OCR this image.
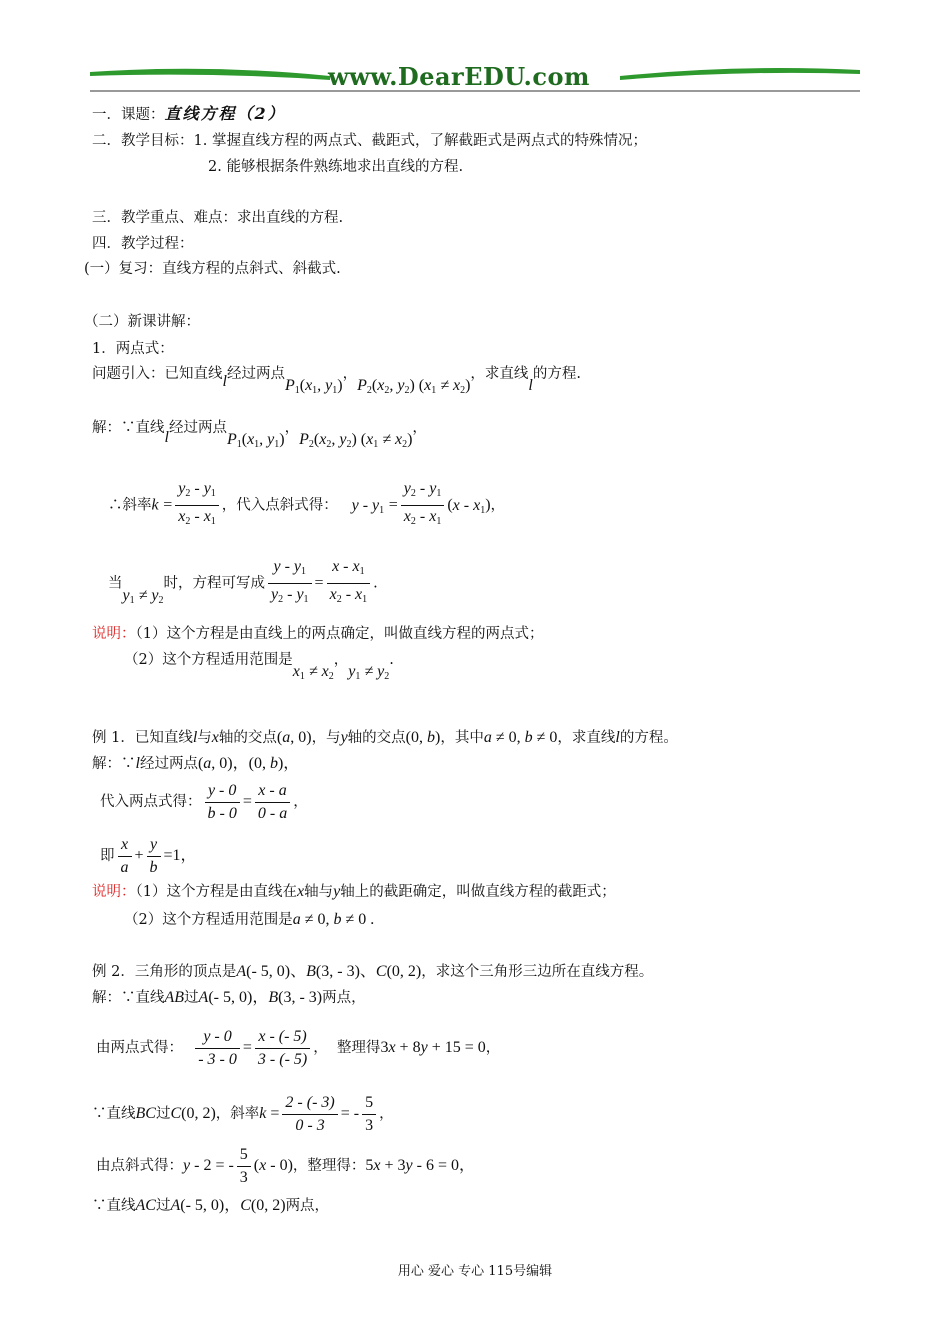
www.DearEDU.com
一．课题：直线方程（2）
二．教学目标：1. 掌握直线方程的两点式、截距式，了解截距式是两点式的特殊情况；
2. 能够根据条件熟练地求出直线的方程.
三．教学重点、难点：求出直线的方程.
四．教学过程：
(一）复习：直线方程的点斜式、斜截式.
（二）新课讲解：
1．两点式：
问题引入：已知直线l经过两点$P_1(x_1$, $y_1$)，$P_2(x_2$, $y_2$) $(x_1 \ne x_2)$，求直线l的方程.
解：∵直线l经过两点$P_1(x_1$, $y_1$)，$P_2(x_2$, $y_2$) $(x_1 \ne x_2)$，
∴斜率$k = \frac{y_2 - y_1}{x_2 - x_1}$ ，代入点斜式得： $y - y_1 = \frac{y_2 - y_1}{x_2 - x_1} (x - x_1)$，
当$y_1 \ne y_2$时，方程可写成 $\frac{y - y_1}{y_2 - y_1} = \frac{x - x_1}{x_2 - x_1}$ .
说明：（1）这个方程是由直线上的两点确定，叫做直线方程的两点式；
（2）这个方程适用范围是$x_1 \ne x_2$，$y_1 \ne y_2$.
例 1．已知直线l与x轴的交点(a, 0)，与y轴的交点(0, b)，其中a ≠ 0, b ≠ 0，求直线l的方程。
解：∵l经过两点(a, 0)，(0, b)，
代入两点式得： $\frac{y - 0}{b - 0} = \frac{x - a}{0 - a}$ ，
即 $\frac{x}{a} + \frac{y}{b} =1$，
说明：（1）这个方程是由直线在x轴与y轴上的截距确定，叫做直线方程的截距式；
（2）这个方程适用范围是a ≠ 0, b ≠ 0 .
例 2．三角形的顶点是A(- 5, 0)、B(3, - 3)、C(0, 2)，求这个三角形三边所在直线方程。
解：∵直线AB过A(- 5, 0)，B(3, - 3)两点，
由两点式得： $\frac{y - 0}{- 3 - 0} = \frac{x - (- 5)}{3 - (- 5)}$ ，  整理得3x + 8y + 15 = 0，
∵直线BC过C(0, 2)，斜率$k = \frac{2 - (- 3)}{0 - 3}$ = - $\frac{5}{3}$ ，
由点斜式得：y - 2 = - $\frac{5}{3} (x - 0)$，整理得：5x + 3y - 6 = 0，
∵直线AC过A(- 5, 0)，C(0, 2)两点，
用心 爱心 专心 115号编辑
